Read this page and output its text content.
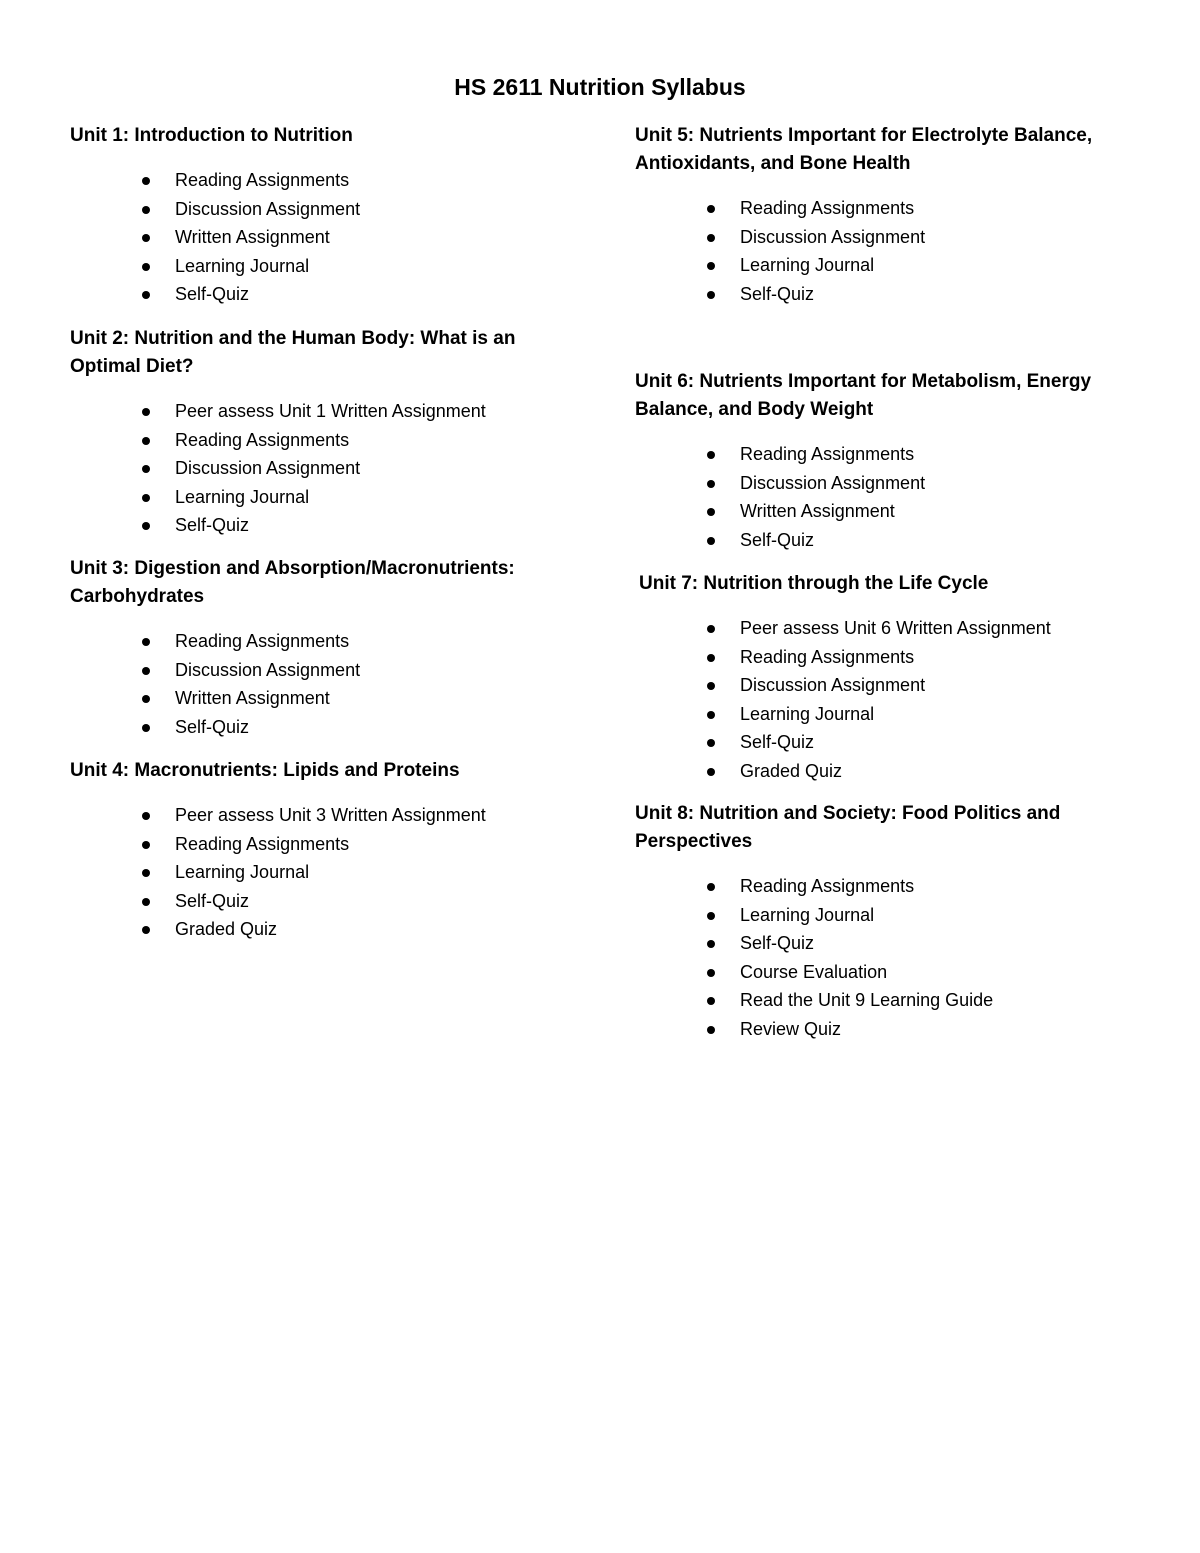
HS 2611 Nutrition Syllabus
Unit 1: Introduction to Nutrition
Reading Assignments
Discussion Assignment
Written Assignment
Learning Journal
Self-Quiz
Unit 2: Nutrition and the Human Body: What is an Optimal Diet?
Peer assess Unit 1 Written Assignment
Reading Assignments
Discussion Assignment
Learning Journal
Self-Quiz
Unit 3: Digestion and Absorption/Macronutrients: Carbohydrates
Reading Assignments
Discussion Assignment
Written Assignment
Self-Quiz
Unit 4: Macronutrients: Lipids and Proteins
Peer assess Unit 3 Written Assignment
Reading Assignments
Learning Journal
Self-Quiz
Graded Quiz
Unit 5: Nutrients Important for Electrolyte Balance, Antioxidants, and Bone Health
Reading Assignments
Discussion Assignment
Learning Journal
Self-Quiz
Unit 6: Nutrients Important for Metabolism, Energy Balance, and Body Weight
Reading Assignments
Discussion Assignment
Written Assignment
Self-Quiz
Unit 7: Nutrition through the Life Cycle
Peer assess Unit 6 Written Assignment
Reading Assignments
Discussion Assignment
Learning Journal
Self-Quiz
Graded Quiz
Unit 8: Nutrition and Society: Food Politics and Perspectives
Reading Assignments
Learning Journal
Self-Quiz
Course Evaluation
Read the Unit 9 Learning Guide
Review Quiz
